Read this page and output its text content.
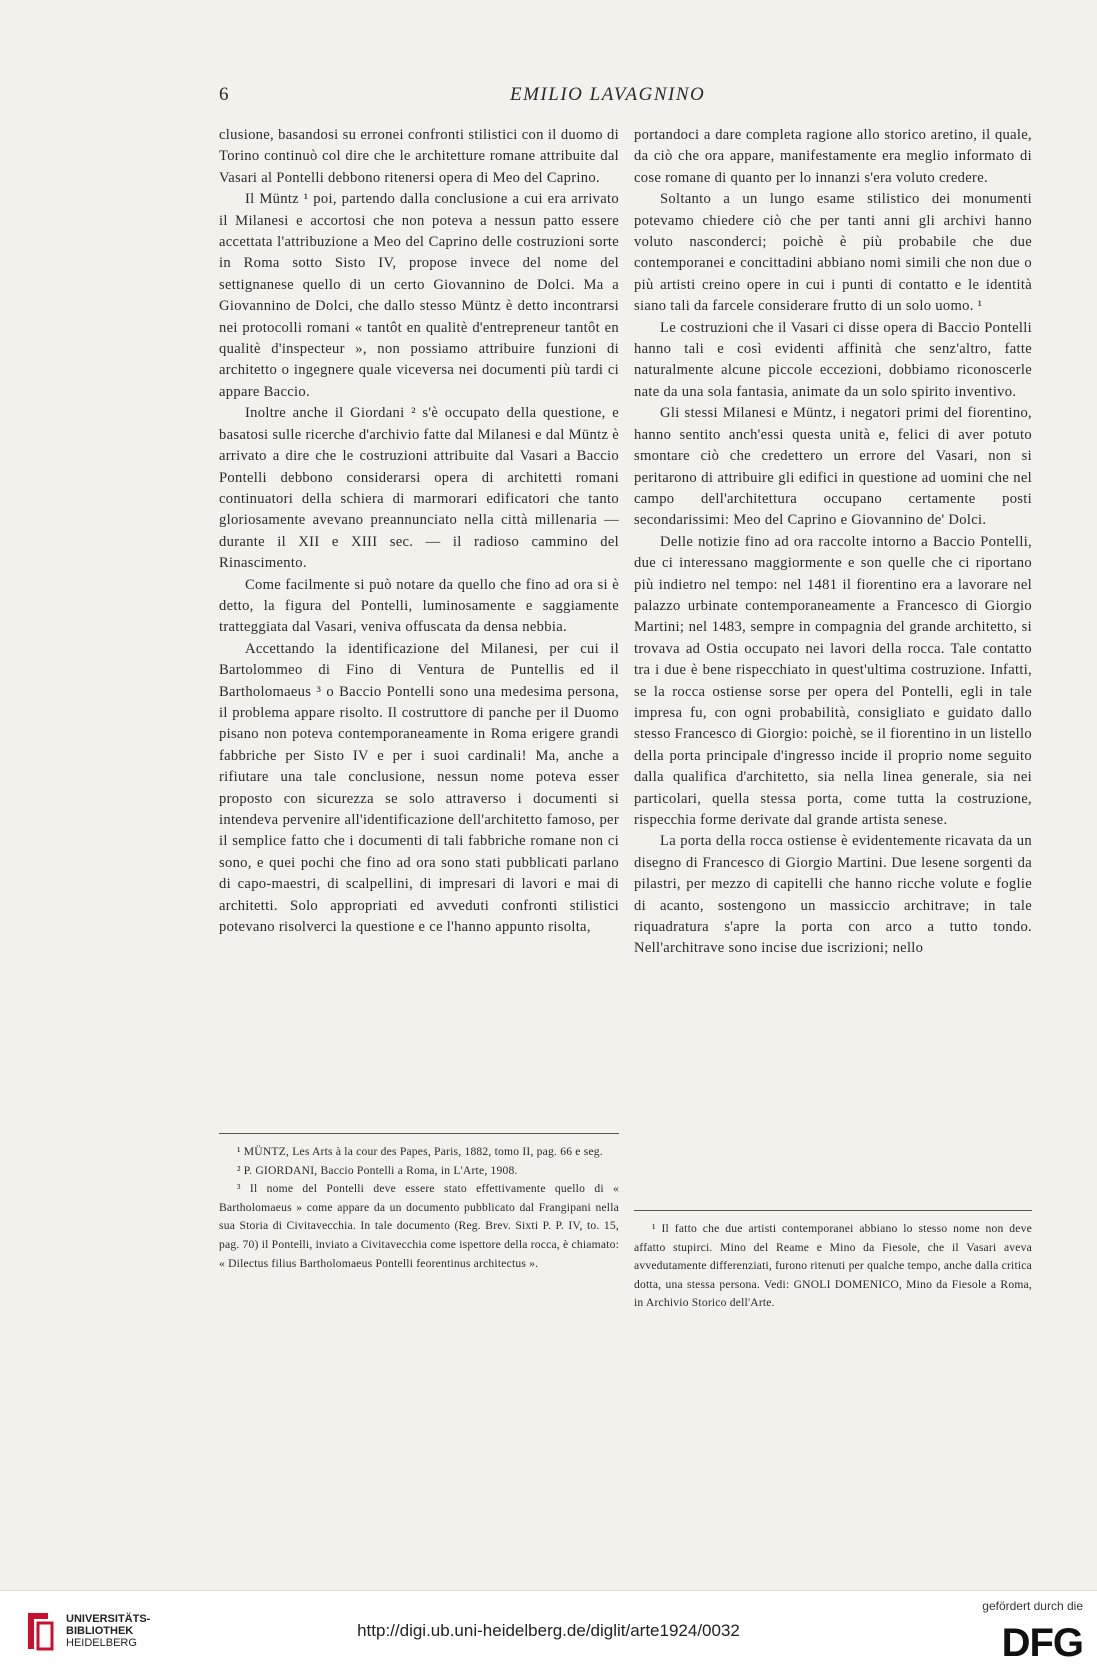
6	EMILIO LAVAGNINO

clusione, basandosi su erronei confronti stilistici con il duomo di Torino continuò col dire che le architetture romane attribuite dal Vasari al Pontelli debbono ritenersi opera di Meo del Caprino.

Il Müntz ¹ poi, partendo dalla conclusione a cui era arrivato il Milanesi e accortosi che non poteva a nessun patto essere accettata l'attribuzione a Meo del Caprino delle costruzioni sorte in Roma sotto Sisto IV, propose invece del nome del settignanese quello di un certo Giovannino de Dolci. Ma a Giovannino de Dolci, che dallo stesso Müntz è detto incontrarsi nei protocolli romani « tantôt en qualitè d'entrepreneur tantôt en qualitè d'inspecteur », non possiamo attribuire funzioni di architetto o ingegnere quale viceversa nei documenti più tardi ci appare Baccio.

Inoltre anche il Giordani ² s'è occupato della questione, e basatosi sulle ricerche d'archivio fatte dal Milanesi e dal Müntz è arrivato a dire che le costruzioni attribuite dal Vasari a Baccio Pontelli debbono considerarsi opera di architetti romani continuatori della schiera di marmorari edificatori che tanto gloriosamente avevano preannunciato nella città millenaria — durante il XII e XIII sec. — il radioso cammino del Rinascimento.

Come facilmente si può notare da quello che fino ad ora si è detto, la figura del Pontelli, luminosamente e saggiamente tratteggiata dal Vasari, veniva offuscata da densa nebbia.

Accettando la identificazione del Milanesi, per cui il Bartolommeo di Fino di Ventura de Puntellis ed il Bartholomaeus ³ o Baccio Pontelli sono una medesima persona, il problema appare risolto. Il costruttore di panche per il Duomo pisano non poteva contemporaneamente in Roma erigere grandi fabbriche per Sisto IV e per i suoi cardinali! Ma, anche a rifiutare una tale conclusione, nessun nome poteva esser proposto con sicurezza se solo attraverso i documenti si intendeva pervenire all'identificazione dell'architetto famoso, per il semplice fatto che i documenti di tali fabbriche romane non ci sono, e quei pochi che fino ad ora sono stati pubblicati parlano di capo-maestri, di scalpellini, di impresari di lavori e mai di architetti. Solo appropriati ed avveduti confronti stilistici potevano risolverci la questione e ce l'hanno appunto risolta,

¹ MÜNTZ, Les Arts à la cour des Papes, Paris, 1882, tomo II, pag. 66 e seg.

² P. GIORDANI, Baccio Pontelli a Roma, in L'Arte, 1908.

³ Il nome del Pontelli deve essere stato effettivamente quello di « Bartholomaeus » come appare da un documento pubblicato dal Frangipani nella sua Storia di Civitavecchia. In tale documento (Reg. Brev. Sixti P. P. IV, to. 15, pag. 70) il Pontelli, inviato a Civitavecchia come ispettore della rocca, è chiamato: « Dilectus filius Bartholomaeus Pontelli feorentinus architectus ».

portandoci a dare completa ragione allo storico aretino, il quale, da ciò che ora appare, manifestamente era meglio informato di cose romane di quanto per lo innanzi s'era voluto credere.

Soltanto a un lungo esame stilistico dei monumenti potevamo chiedere ciò che per tanti anni gli archivi hanno voluto nasconderci; poichè è più probabile che due contemporanei e concittadini abbiano nomi simili che non due o più artisti creino opere in cui i punti di contatto e le identità siano tali da farcele considerare frutto di un solo uomo. ¹

Le costruzioni che il Vasari ci disse opera di Baccio Pontelli hanno tali e così evidenti affinità che senz'altro, fatte naturalmente alcune piccole eccezioni, dobbiamo riconoscerle nate da una sola fantasia, animate da un solo spirito inventivo.

Gli stessi Milanesi e Müntz, i negatori primi del fiorentino, hanno sentito anch'essi questa unità e, felici di aver potuto smontare ciò che credettero un errore del Vasari, non si peritarono di attribuire gli edifici in questione ad uomini che nel campo dell'architettura occupano certamente posti secondarissimi: Meo del Caprino e Giovannino de' Dolci.

Delle notizie fino ad ora raccolte intorno a Baccio Pontelli, due ci interessano maggiormente e son quelle che ci riportano più indietro nel tempo: nel 1481 il fiorentino era a lavorare nel palazzo urbinate contemporaneamente a Francesco di Giorgio Martini; nel 1483, sempre in compagnia del grande architetto, si trovava ad Ostia occupato nei lavori della rocca. Tale contatto tra i due è bene rispecchiato in quest'ultima costruzione. Infatti, se la rocca ostiense sorse per opera del Pontelli, egli in tale impresa fu, con ogni probabilità, consigliato e guidato dallo stesso Francesco di Giorgio: poichè, se il fiorentino in un listello della porta principale d'ingresso incide il proprio nome seguito dalla qualifica d'architetto, sia nella linea generale, sia nei particolari, quella stessa porta, come tutta la costruzione, rispecchia forme derivate dal grande artista senese.

La porta della rocca ostiense è evidentemente ricavata da un disegno di Francesco di Giorgio Martini. Due lesene sorgenti da pilastri, per mezzo di capitelli che hanno ricche volute e foglie di acanto, sostengono un massiccio architrave; in tale riquadratura s'apre la porta con arco a tutto tondo. Nell'architrave sono incise due iscrizioni; nello

¹ Il fatto che due artisti contemporanei abbiano lo stesso nome non deve affatto stupirci. Mino del Reame e Mino da Fiesole, che il Vasari aveva avvedutamente differenziati, furono ritenuti per qualche tempo, anche dalla critica dotta, una stessa persona. Vedi: GNOLI DOMENICO, Mino da Fiesole a Roma, in Archivio Storico dell'Arte.

UNIVERSITÄTS-
BIBLIOTHEK
HEIDELBERG
http://digi.ub.uni-heidelberg.de/diglit/arte1924/0032
gefördert durch die
DFG
